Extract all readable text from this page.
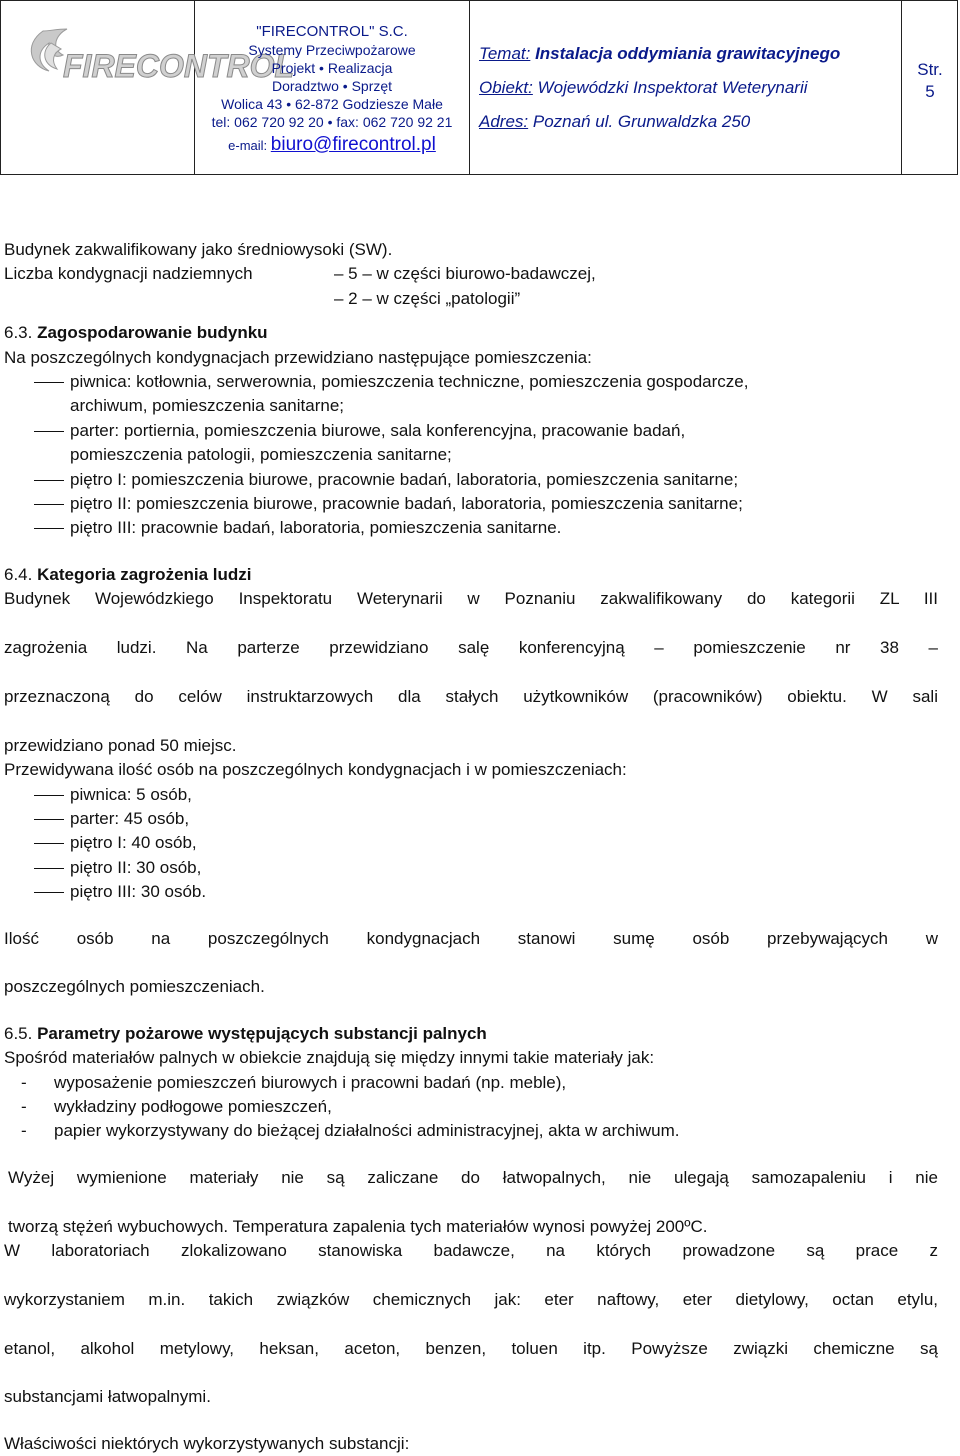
FIRECONTROL
"FIRECONTROL" S.C.
Systemy Przeciwpożarowe
Projekt • Realizacja
Doradztwo • Sprzęt
Wolica 43 • 62-872 Godziesze Małe
tel: 062 720 92 20 • fax: 062 720 92 21
e-mail: biuro@firecontrol.pl
Temat: Instalacja oddymiania grawitacyjnego
Obiekt: Wojewódzki Inspektorat Weterynarii
Adres: Poznań ul. Grunwaldzka 250
Str.
5

Budynek zakwalifikowany jako średniowysoki (SW).

Liczba kondygnacji nadziemnych	– 5 – w części biurowo-badawczej,
– 2 – w części „patologii”

6.3. Zagospodarowanie budynku

Na poszczególnych kondygnacjach przewidziano następujące pomieszczenia:

piwnica: kotłownia, serwerownia, pomieszczenia techniczne, pomieszczenia gospodarcze,
archiwum, pomieszczenia sanitarne;
parter: portiernia, pomieszczenia biurowe, sala konferencyjna, pracowanie badań,
pomieszczenia patologii, pomieszczenia sanitarne;
piętro I: pomieszczenia biurowe, pracownie badań, laboratoria, pomieszczenia sanitarne;
piętro II: pomieszczenia biurowe, pracownie badań, laboratoria, pomieszczenia sanitarne;
piętro III: pracownie badań, laboratoria, pomieszczenia sanitarne.

6.4. Kategoria zagrożenia ludzi

Budynek Wojewódzkiego Inspektoratu Weterynarii w Poznaniu zakwalifikowany do kategorii ZL III

zagrożenia ludzi. Na parterze przewidziano salę konferencyjną – pomieszczenie nr 38 –

przeznaczoną do celów instruktarzowych dla stałych użytkowników (pracowników) obiektu. W sali

przewidziano ponad 50 miejsc.

Przewidywana ilość osób na poszczególnych kondygnacjach i w pomieszczeniach:

piwnica: 5 osób,
parter: 45 osób,
piętro I: 40 osób,
piętro II: 30 osób,
piętro III: 30 osób.

Ilość osób na poszczególnych kondygnacjach stanowi sumę osób przebywających w

poszczególnych pomieszczeniach.

6.5. Parametry pożarowe występujących substancji palnych

Spośród materiałów palnych w obiekcie znajdują się między innymi takie materiały jak:

- wyposażenie pomieszczeń biurowych i pracowni badań (np. meble),
- wykładziny podłogowe pomieszczeń,
- papier wykorzystywany do bieżącej działalności administracyjnej, akta w archiwum.

Wyżej wymienione materiały nie są zaliczane do łatwopalnych, nie ulegają samozapaleniu i nie

tworzą stężeń wybuchowych. Temperatura zapalenia tych materiałów wynosi powyżej 200ºC.

W laboratoriach zlokalizowano stanowiska badawcze, na których prowadzone są prace z

wykorzystaniem m.in. takich związków chemicznych jak: eter naftowy, eter dietylowy, octan etylu,

etanol, alkohol metylowy, heksan, aceton, benzen, toluen itp. Powyższe związki chemiczne są

substancjami łatwopalnymi.

Właściwości niektórych wykorzystywanych substancji:
